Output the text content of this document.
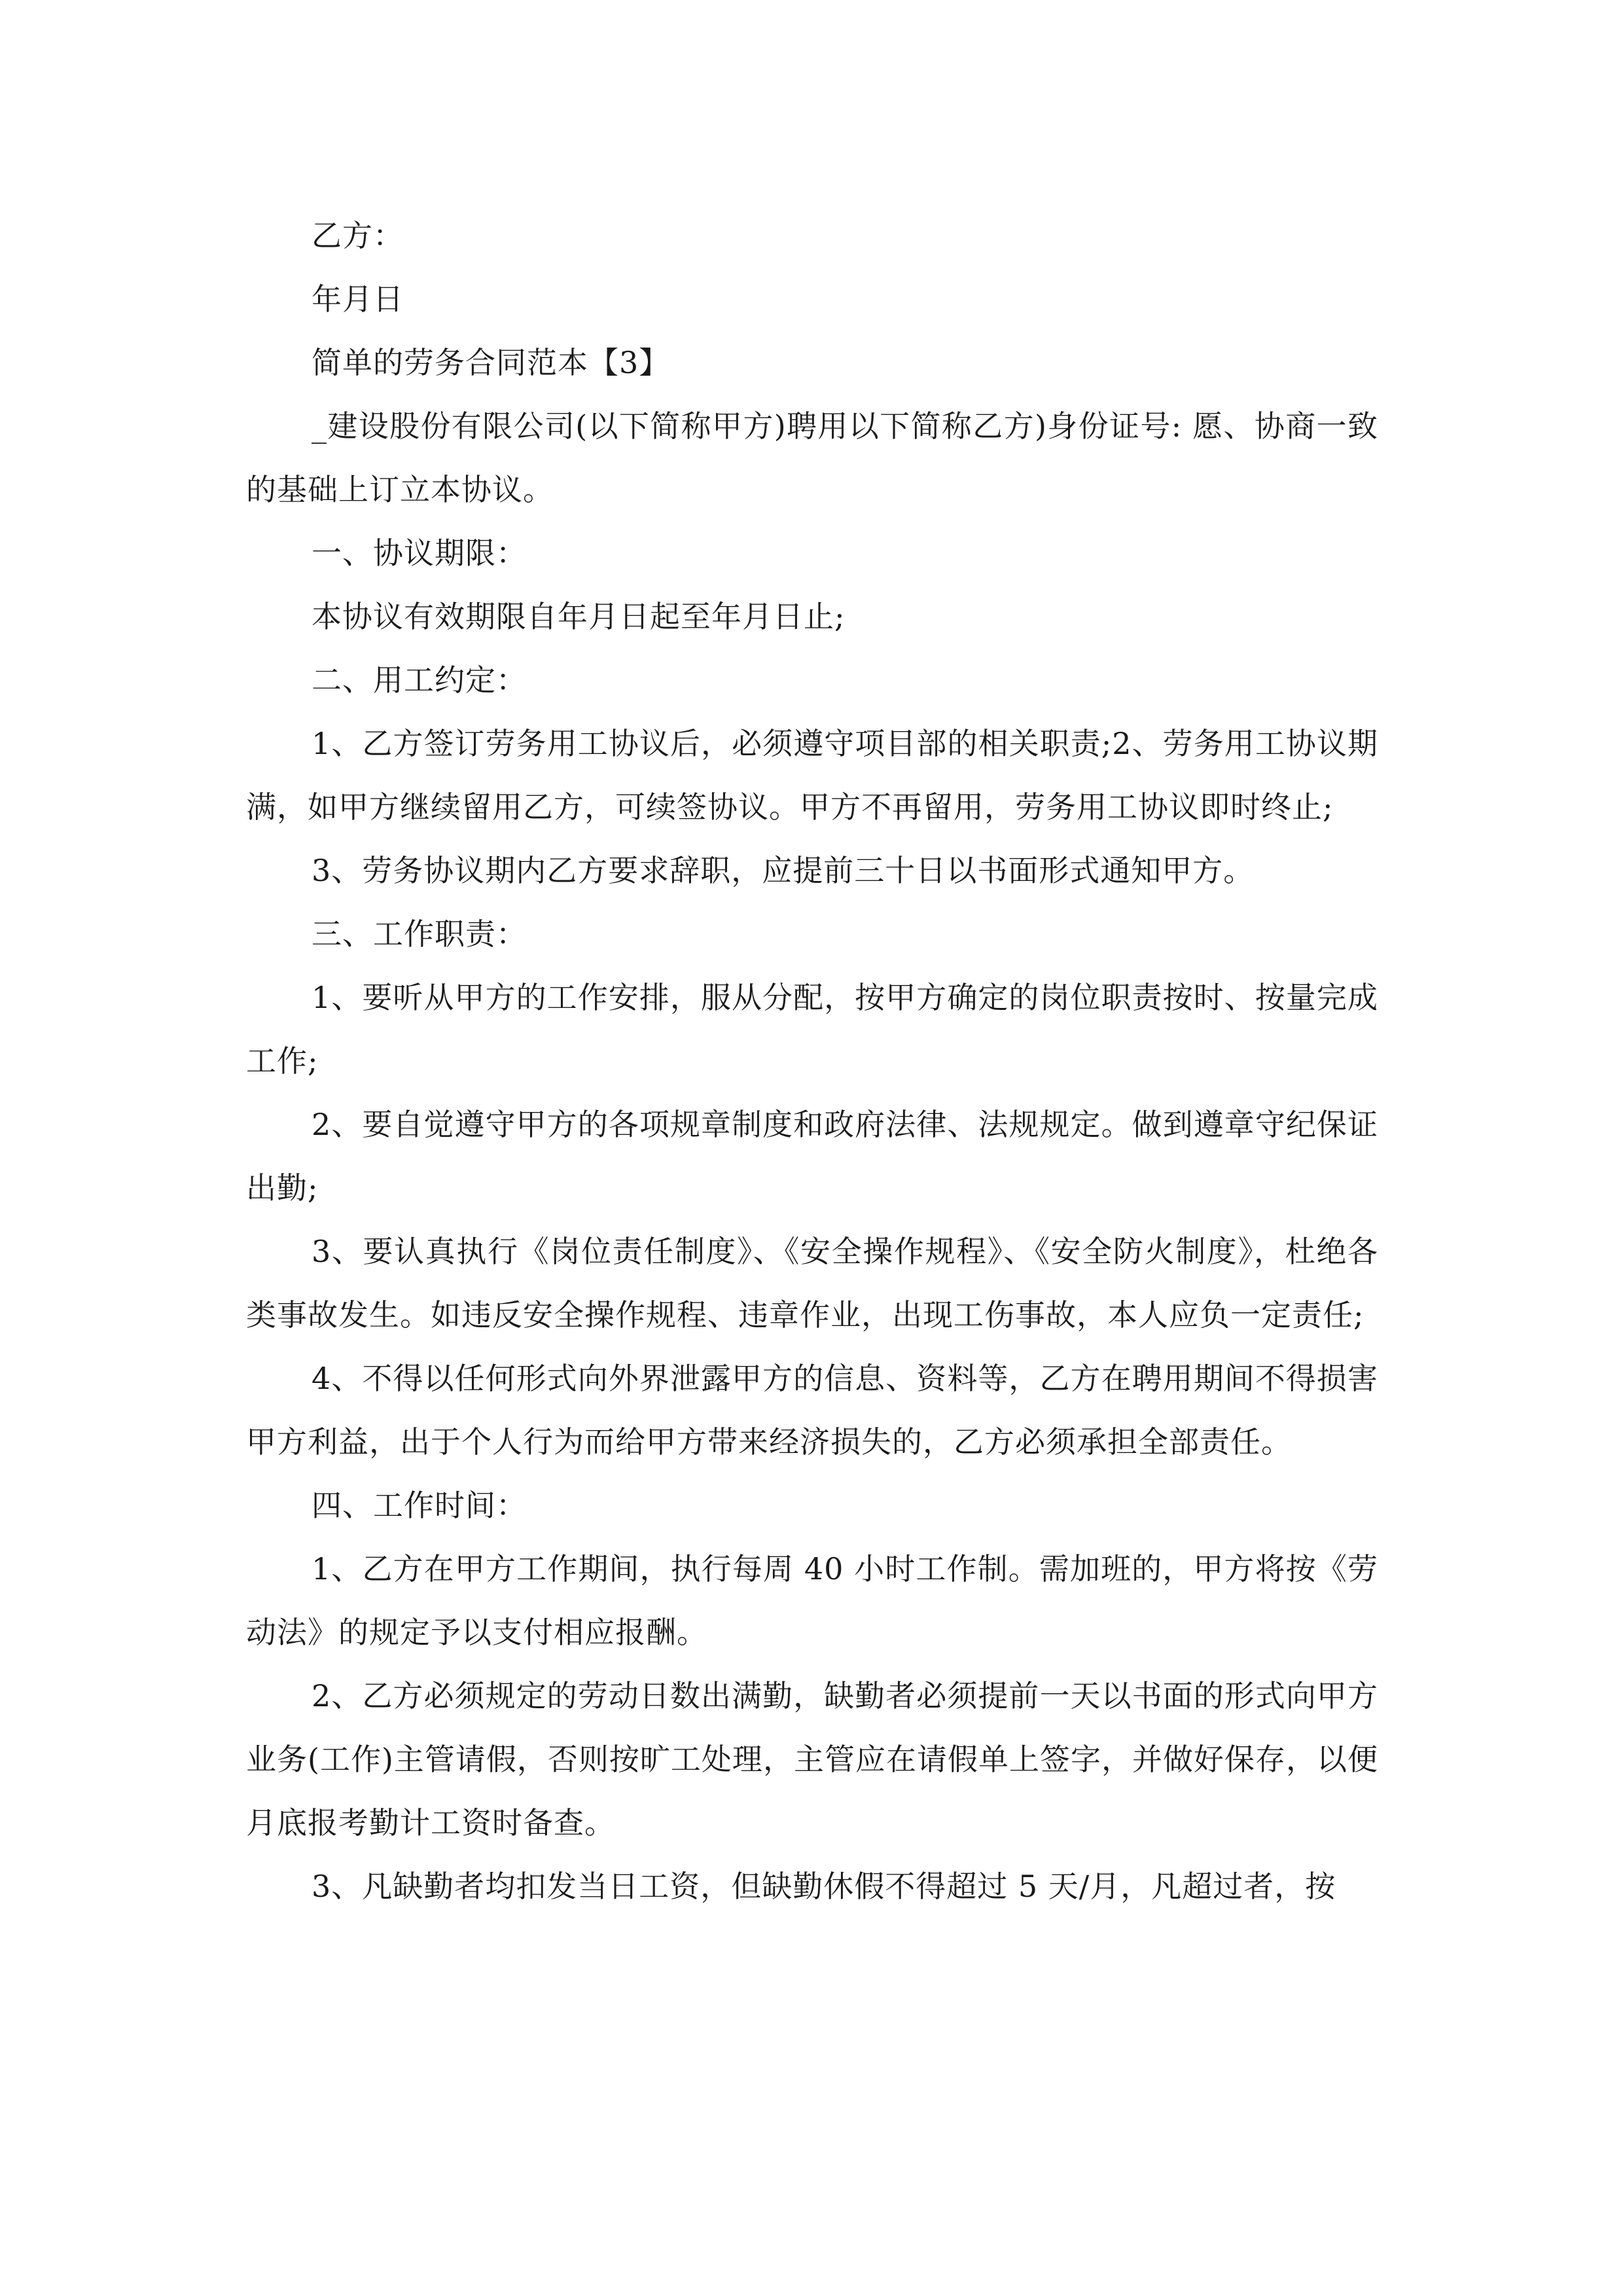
乙方：

年月日

简单的劳务合同范本【3】

_建设股份有限公司(以下简称甲方)聘用以下简称乙方)身份证号: 愿、协商一致的基础上订立本协议。

一、协议期限：

本协议有效期限自年月日起至年月日止;

二、用工约定：

1、乙方签订劳务用工协议后，必须遵守项目部的相关职责;2、劳务用工协议期满，如甲方继续留用乙方，可续签协议。甲方不再留用，劳务用工协议即时终止;

3、劳务协议期内乙方要求辞职，应提前三十日以书面形式通知甲方。

三、工作职责：

1、要听从甲方的工作安排，服从分配，按甲方确定的岗位职责按时、按量完成工作;

2、要自觉遵守甲方的各项规章制度和政府法律、法规规定。做到遵章守纪保证出勤;

3、要认真执行《岗位责任制度》、《安全操作规程》、《安全防火制度》，杜绝各类事故发生。如违反安全操作规程、违章作业，出现工伤事故，本人应负一定责任;

4、不得以任何形式向外界泄露甲方的信息、资料等，乙方在聘用期间不得损害甲方利益，出于个人行为而给甲方带来经济损失的，乙方必须承担全部责任。

四、工作时间：

1、乙方在甲方工作期间，执行每周 40 小时工作制。需加班的，甲方将按《劳动法》的规定予以支付相应报酬。

2、乙方必须规定的劳动日数出满勤，缺勤者必须提前一天以书面的形式向甲方业务(工作)主管请假，否则按旷工处理，主管应在请假单上签字，并做好保存，以便月底报考勤计工资时备查。

3、凡缺勤者均扣发当日工资，但缺勤休假不得超过 5 天/月，凡超过者，按
